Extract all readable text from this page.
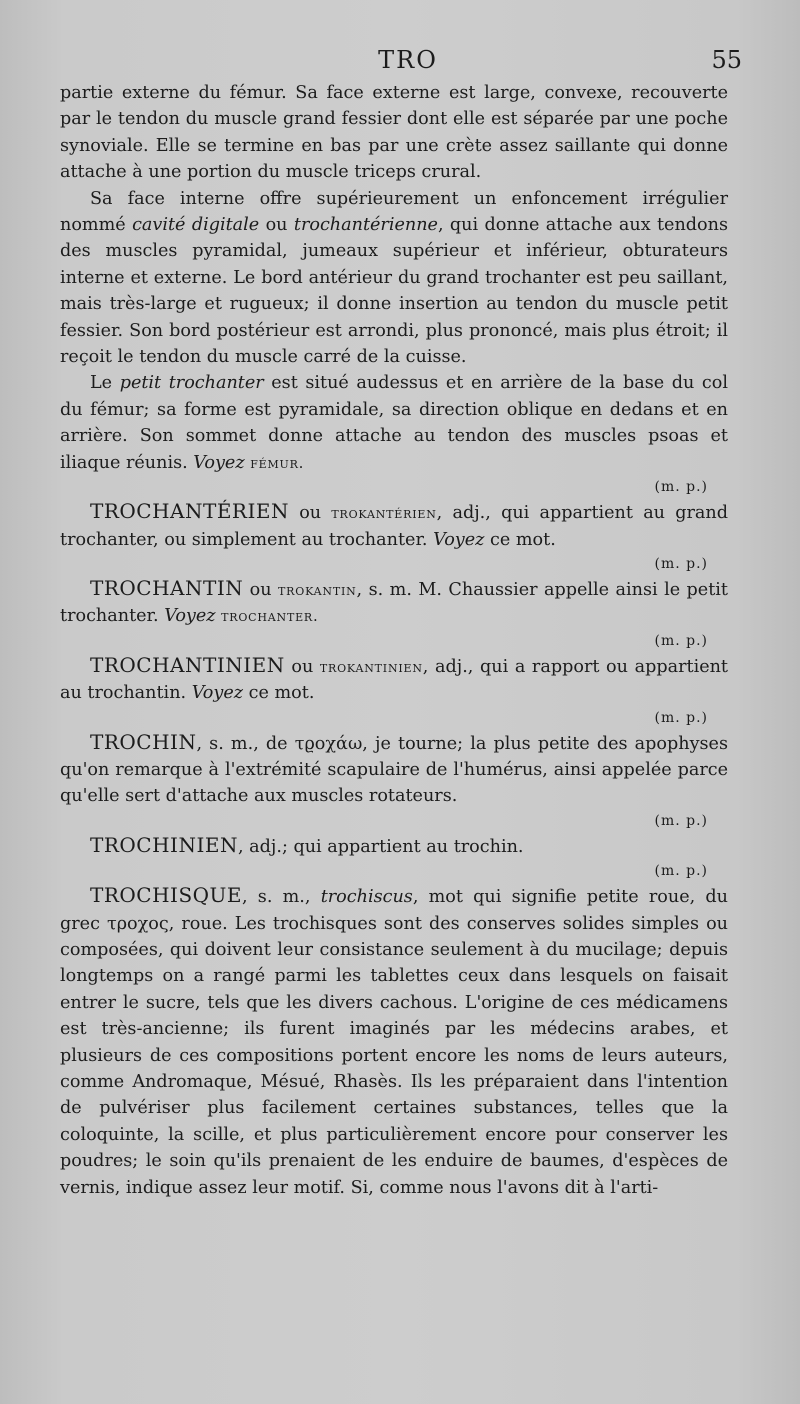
TRO	55

partie externe du fémur. Sa face externe est large, convexe, recouverte par le tendon du muscle grand fessier dont elle est séparée par une poche synoviale. Elle se termine en bas par une crète assez saillante qui donne attache à une portion du muscle triceps crural.

Sa face interne offre supérieurement un enfoncement irrégulier nommé cavité digitale ou trochantérienne, qui donne attache aux tendons des muscles pyramidal, jumeaux supérieur et inférieur, obturateurs interne et externe. Le bord antérieur du grand trochanter est peu saillant, mais très-large et rugueux; il donne insertion au tendon du muscle petit fessier. Son bord postérieur est arrondi, plus prononcé, mais plus étroit; il reçoit le tendon du muscle carré de la cuisse.

Le petit trochanter est situé audessus et en arrière de la base du col du fémur; sa forme est pyramidale, sa direction oblique en dedans et en arrière. Son sommet donne attache au tendon des muscles psoas et iliaque réunis. Voyez fémur.
(m. p.)

TROCHANTÉRIEN ou trokantérien, adj., qui appartient au grand trochanter, ou simplement au trochanter. Voyez ce mot.
(m. p.)

TROCHANTIN ou trokantin, s. m. M. Chaussier appelle ainsi le petit trochanter. Voyez trochanter.
(m. p.)

TROCHANTINIEN ou trokantinien, adj., qui a rapport ou appartient au trochantin. Voyez ce mot.
(m. p.)

TROCHIN, s. m., de τϱοχάω, je tourne; la plus petite des apophyses qu'on remarque à l'extrémité scapulaire de l'humérus, ainsi appelée parce qu'elle sert d'attache aux muscles rotateurs.
(m. p.)

TROCHINIEN, adj.; qui appartient au trochin.
(m. p.)

TROCHISQUE, s. m., trochiscus, mot qui signifie petite roue, du grec τρoχoς, roue. Les trochisques sont des conserves solides simples ou composées, qui doivent leur consistance seulement à du mucilage; depuis longtemps on a rangé parmi les tablettes ceux dans lesquels on faisait entrer le sucre, tels que les divers cachous. L'origine de ces médicamens est très-ancienne; ils furent imaginés par les médecins arabes, et plusieurs de ces compositions portent encore les noms de leurs auteurs, comme Andromaque, Mésué, Rhasès. Ils les préparaient dans l'intention de pulvériser plus facilement certaines substances, telles que la coloquinte, la scille, et plus particulièrement encore pour conserver les poudres; le soin qu'ils prenaient de les enduire de baumes, d'espèces de vernis, indique assez leur motif. Si, comme nous l'avons dit à l'arti-
